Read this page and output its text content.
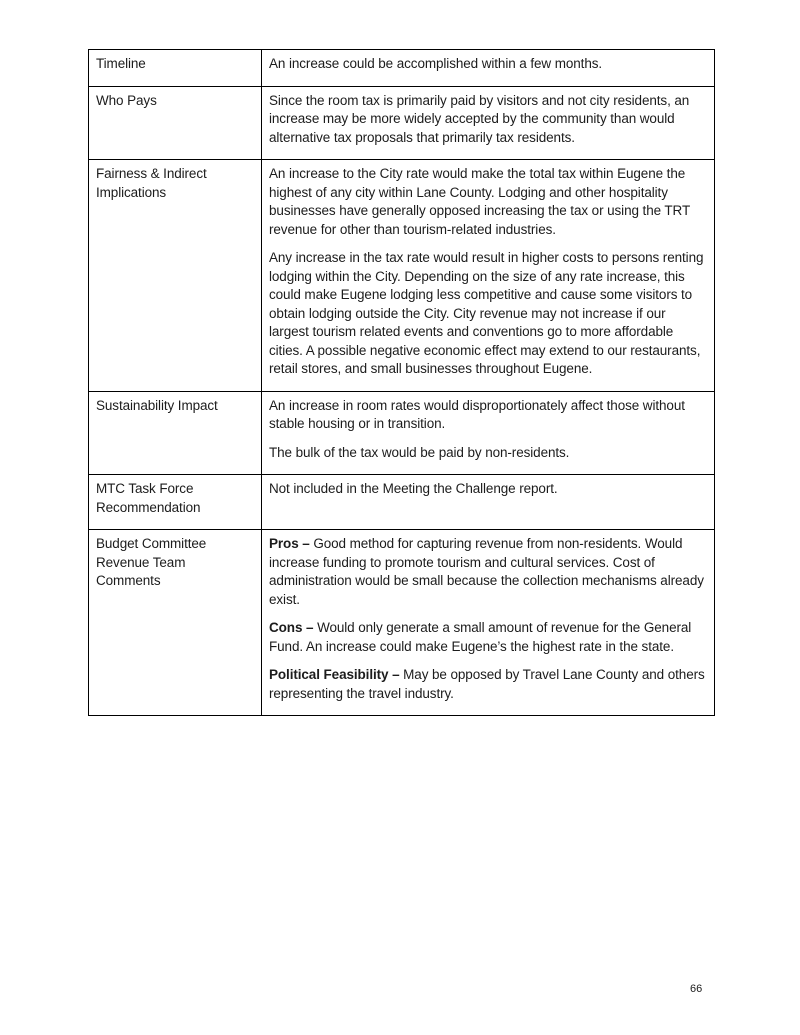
Timeline	An increase could be accomplished within a few months.

Who Pays	Since the room tax is primarily paid by visitors and not city residents, an increase may be more widely accepted by the community than would alternative tax proposals that primarily tax residents.

Fairness & Indirect Implications	An increase to the City rate would make the total tax within Eugene the highest of any city within Lane County. Lodging and other hospitality businesses have generally opposed increasing the tax or using the TRT revenue for other than tourism-related industries.

Any increase in the tax rate would result in higher costs to persons renting lodging within the City. Depending on the size of any rate increase, this could make Eugene lodging less competitive and cause some visitors to obtain lodging outside the City. City revenue may not increase if our largest tourism related events and conventions go to more affordable cities. A possible negative economic effect may extend to our restaurants, retail stores, and small businesses throughout Eugene.

Sustainability Impact	An increase in room rates would disproportionately affect those without stable housing or in transition.

The bulk of the tax would be paid by non-residents.

MTC Task Force Recommendation	Not included in the Meeting the Challenge report.

Budget Committee Revenue Team Comments	Pros – Good method for capturing revenue from non-residents. Would increase funding to promote tourism and cultural services. Cost of administration would be small because the collection mechanisms already exist.

Cons – Would only generate a small amount of revenue for the General Fund. An increase could make Eugene’s the highest rate in the state.

Political Feasibility – May be opposed by Travel Lane County and others representing the travel industry.

66
